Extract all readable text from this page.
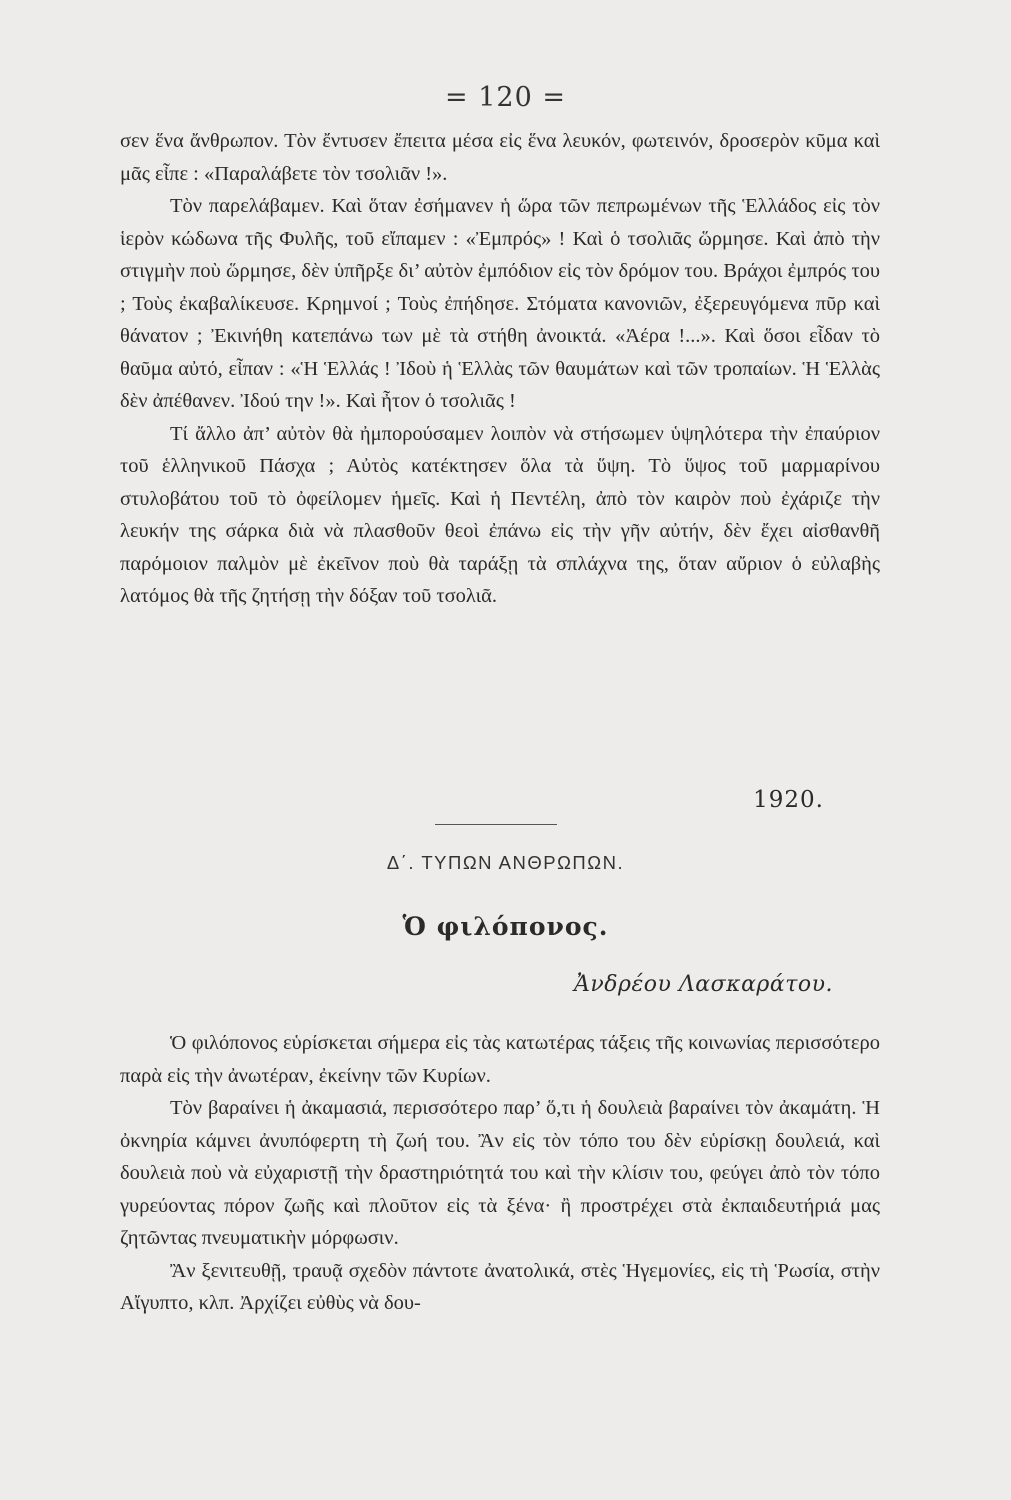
= 120 =

σεν ἕνα ἄνθρωπον. Τὸν ἔντυσεν ἔπειτα μέσα εἰς ἕνα λευκόν, φωτεινόν, δροσερὸν κῦμα καὶ μᾶς εἶπε : «Παραλάβετε τὸν τσολιᾶν !».

Τὸν παρελάβαμεν. Καὶ ὅταν ἐσήμανεν ἡ ὥρα τῶν πεπρωμένων τῆς Ἑλλάδος εἰς τὸν ἱερὸν κώδωνα τῆς Φυλῆς, τοῦ εἴπαμεν : «Ἐμπρός» ! Καὶ ὁ τσολιᾶς ὥρμησε. Καὶ ἀπὸ τὴν στιγμὴν ποὺ ὥρμησε, δὲν ὑπῆρξε δι’ αὐτὸν ἐμπόδιον εἰς τὸν δρόμον του. Βράχοι ἐμπρός του ; Τοὺς ἐκαβαλίκευσε. Κρημνοί ; Τοὺς ἐπήδησε. Στόματα κανονιῶν, ἐξερευγόμενα πῦρ καὶ θάνατον ; Ἐκινήθη κατεπάνω των μὲ τὰ στήθη ἀνοικτά. «Ἀέρα !...». Καὶ ὅσοι εἶδαν τὸ θαῦμα αὐτό, εἶπαν : «Ἡ Ἑλλάς ! Ἰδοὺ ἡ Ἑλλὰς τῶν θαυμάτων καὶ τῶν τροπαίων. Ἡ Ἑλλὰς δὲν ἀπέθανεν. Ἰδού την !». Καὶ ἦτον ὁ τσολιᾶς !

Τί ἄλλο ἀπ’ αὐτὸν θὰ ἠμπορούσαμεν λοιπὸν νὰ στήσωμεν ὑψηλότερα τὴν ἐπαύριον τοῦ ἑλληνικοῦ Πάσχα ; Αὐτὸς κατέκτησεν ὅλα τὰ ὕψη. Τὸ ὕψος τοῦ μαρμαρίνου στυλοβάτου τοῦ τὸ ὀφείλομεν ἡμεῖς. Καὶ ἡ Πεντέλη, ἀπὸ τὸν καιρὸν ποὺ ἐχάριζε τὴν λευκήν της σάρκα διὰ νὰ πλασθοῦν θεοὶ ἐπάνω εἰς τὴν γῆν αὐτήν, δὲν ἔχει αἰσθανθῆ παρόμοιον παλμὸν μὲ ἐκεῖνον ποὺ θὰ ταράξῃ τὰ σπλάχνα της, ὅταν αὔριον ὁ εὐλαβὴς λατόμος θὰ τῆς ζητήσῃ τὴν δόξαν τοῦ τσολιᾶ.

1920.
Δ΄. ΤΥΠΩΝ ΑΝΘΡΩΠΩΝ.
Ὁ φιλόπονος.
Ἀνδρέου Λασκαράτου.

Ὁ φιλόπονος εὑρίσκεται σήμερα εἰς τὰς κατωτέρας τάξεις τῆς κοινωνίας περισσότερο παρὰ εἰς τὴν ἀνωτέραν, ἐκείνην τῶν Κυρίων.

Τὸν βαραίνει ἡ ἀκαμασιά, περισσότερο παρ’ ὅ,τι ἡ δουλειὰ βαραίνει τὸν ἀκαμάτη. Ἡ ὀκνηρία κάμνει ἀνυπόφερτη τὴ ζωή του. Ἂν εἰς τὸν τόπο του δὲν εὑρίσκῃ δουλειά, καὶ δουλειὰ ποὺ νὰ εὐχαριστῇ τὴν δραστηριότητά του καὶ τὴν κλίσιν του, φεύγει ἀπὸ τὸν τόπο γυρεύοντας πόρον ζωῆς καὶ πλοῦτον εἰς τὰ ξένα· ἢ προστρέχει στὰ ἐκπαιδευτήριά μας ζητῶντας πνευματικὴν μόρφωσιν.

Ἂν ξενιτευθῇ, τραυᾷ σχεδὸν πάντοτε ἀνατολικά, στὲς Ἡγεμονίες, εἰς τὴ Ῥωσία, στὴν Αἴγυπτο, κλπ. Ἀρχίζει εὐθὺς νὰ δου-
